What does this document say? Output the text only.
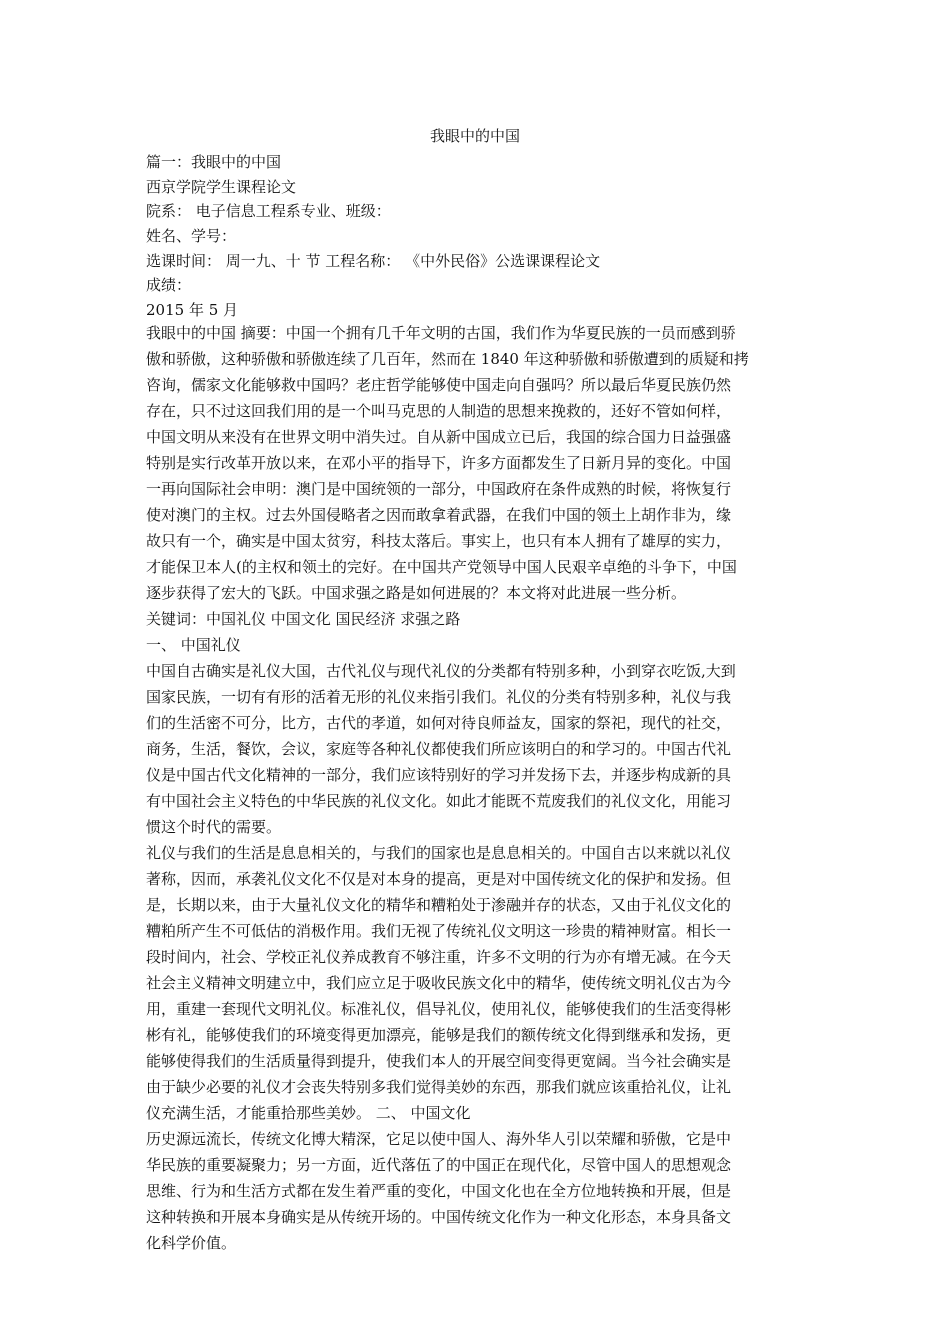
我眼中的中国
篇一：我眼中的中国
西京学院学生课程论文
院系： 电子信息工程系专业、班级：
姓名、学号：
选课时间： 周一九、十 节 工程名称： 《中外民俗》公选课课程论文
成绩：
2015 年 5 月

我眼中的中国 摘要：中国一个拥有几千年文明的古国，我们作为华夏民族的一员而感到骄
傲和骄傲，这种骄傲和骄傲连续了几百年，然而在 1840 年这种骄傲和骄傲遭到的质疑和拷
咨询，儒家文化能够救中国吗？老庄哲学能够使中国走向自强吗？所以最后华夏民族仍然
存在，只不过这回我们用的是一个叫马克思的人制造的思想来挽救的，还好不管如何样，
中国文明从来没有在世界文明中消失过。自从新中国成立已后，我国的综合国力日益强盛
特别是实行改革开放以来，在邓小平的指导下，许多方面都发生了日新月异的变化。中国
一再向国际社会申明：澳门是中国统领的一部分，中国政府在条件成熟的时候，将恢复行
使对澳门的主权。过去外国侵略者之因而敢拿着武器，在我们中国的领土上胡作非为，缘
故只有一个，确实是中国太贫穷，科技太落后。事实上，也只有本人拥有了雄厚的实力，
才能保卫本人(的主权和领土的完好。在中国共产党领导中国人民艰辛卓绝的斗争下，中国
逐步获得了宏大的飞跃。中国求强之路是如何进展的？本文将对此进展一些分析。

关键词：中国礼仪 中国文化 国民经济 求强之路

一、 中国礼仪

中国自古确实是礼仪大国，古代礼仪与现代礼仪的分类都有特别多种，小到穿衣吃饭,大到
国家民族，一切有有形的活着无形的礼仪来指引我们。礼仪的分类有特别多种，礼仪与我
们的生活密不可分，比方，古代的孝道，如何对待良师益友，国家的祭祀，现代的社交，
商务，生活，餐饮，会议，家庭等各种礼仪都使我们所应该明白的和学习的。中国古代礼
仪是中国古代文化精神的一部分，我们应该特别好的学习并发扬下去，并逐步构成新的具
有中国社会主义特色的中华民族的礼仪文化。如此才能既不荒废我们的礼仪文化，用能习
惯这个时代的需要。

礼仪与我们的生活是息息相关的，与我们的国家也是息息相关的。中国自古以来就以礼仪
著称，因而，承袭礼仪文化不仅是对本身的提高，更是对中国传统文化的保护和发扬。但
是，长期以来，由于大量礼仪文化的精华和糟粕处于渗融并存的状态，又由于礼仪文化的
糟粕所产生不可低估的消极作用。我们无视了传统礼仪文明这一珍贵的精神财富。相长一
段时间内，社会、学校正礼仪养成教育不够注重，许多不文明的行为亦有增无减。在今天
社会主义精神文明建立中，我们应立足于吸收民族文化中的精华，使传统文明礼仪古为今
用，重建一套现代文明礼仪。标准礼仪，倡导礼仪，使用礼仪，能够使我们的生活变得彬
彬有礼，能够使我们的环境变得更加漂亮，能够是我们的额传统文化得到继承和发扬，更
能够使得我们的生活质量得到提升，使我们本人的开展空间变得更宽阔。当今社会确实是
由于缺少必要的礼仪才会丧失特别多我们觉得美妙的东西，那我们就应该重拾礼仪，让礼
仪充满生活，才能重拾那些美妙。 二、 中国文化

历史源远流长，传统文化博大精深，它足以使中国人、海外华人引以荣耀和骄傲，它是中
华民族的重要凝聚力；另一方面，近代落伍了的中国正在现代化，尽管中国人的思想观念
思维、行为和生活方式都在发生着严重的变化，中国文化也在全方位地转换和开展，但是
这种转换和开展本身确实是从传统开场的。中国传统文化作为一种文化形态，本身具备文
化科学价值。
